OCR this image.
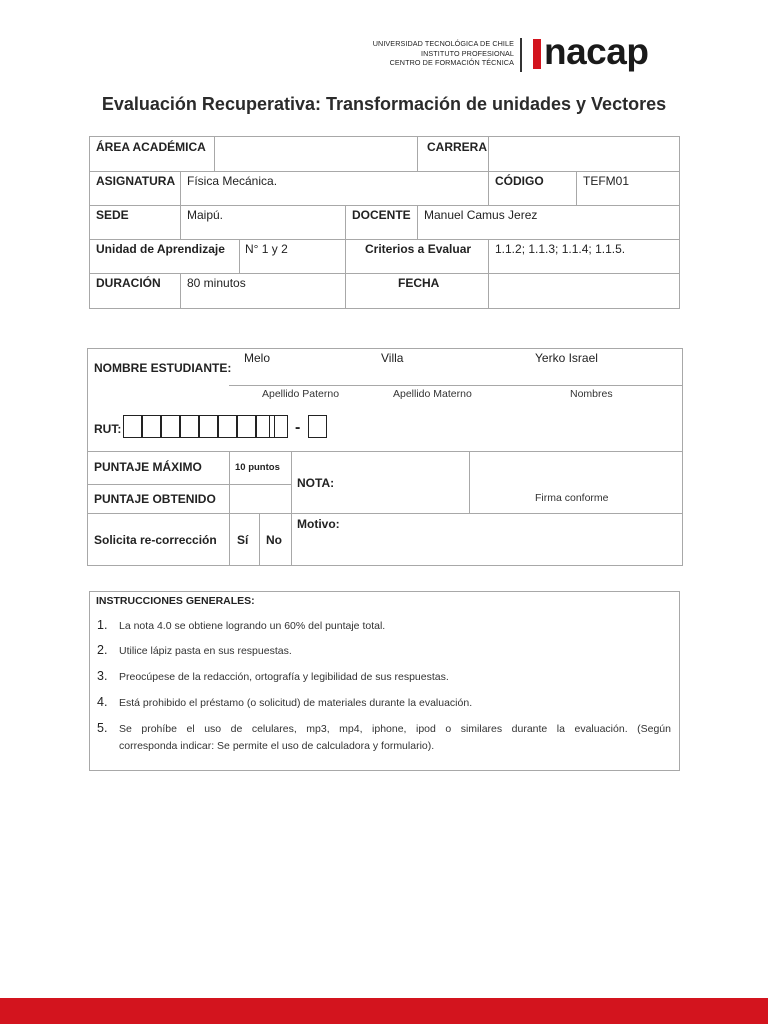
UNIVERSIDAD TECNOLÓGICA DE CHILE
INSTITUTO PROFESIONAL
CENTRO DE FORMACIÓN TÉCNICA nacap
Evaluación Recuperativa: Transformación de unidades y Vectores
ÁREA ACADÉMICA	CARRERA
ASIGNATURA Física Mecánica.	CÓDIGO	TEFM01
SEDE	Maipú.	DOCENTE Manuel Camus Jerez
Unidad de Aprendizaje N° 1 y 2	Criterios a Evaluar 1.1.2; 1.1.3; 1.1.4; 1.1.5.
DURACIÓN 80 minutos	FECHA
NOMBRE ESTUDIANTE:
Melo	Villa	Yerko Israel
Apellido Paterno	Apellido Materno	Nombres
RUT:	-
PUNTAJE MÁXIMO	10 puntos
PUNTAJE OBTENIDO
NOTA:
Firma conforme
Solicita re-corrección Sí No
Motivo:
INSTRUCCIONES GENERALES:
1. La nota 4.0 se obtiene logrando un 60% del puntaje total.
2. Utilice lápiz pasta en sus respuestas.
3. Preocúpese de la redacción, ortografía y legibilidad de sus respuestas.
4. Está prohibido el préstamo (o solicitud) de materiales durante la evaluación.
5. Se prohíbe el uso de celulares, mp3, mp4, iphone, ipod o similares durante la evaluación. (Según
corresponda indicar: Se permite el uso de calculadora y formulario).
